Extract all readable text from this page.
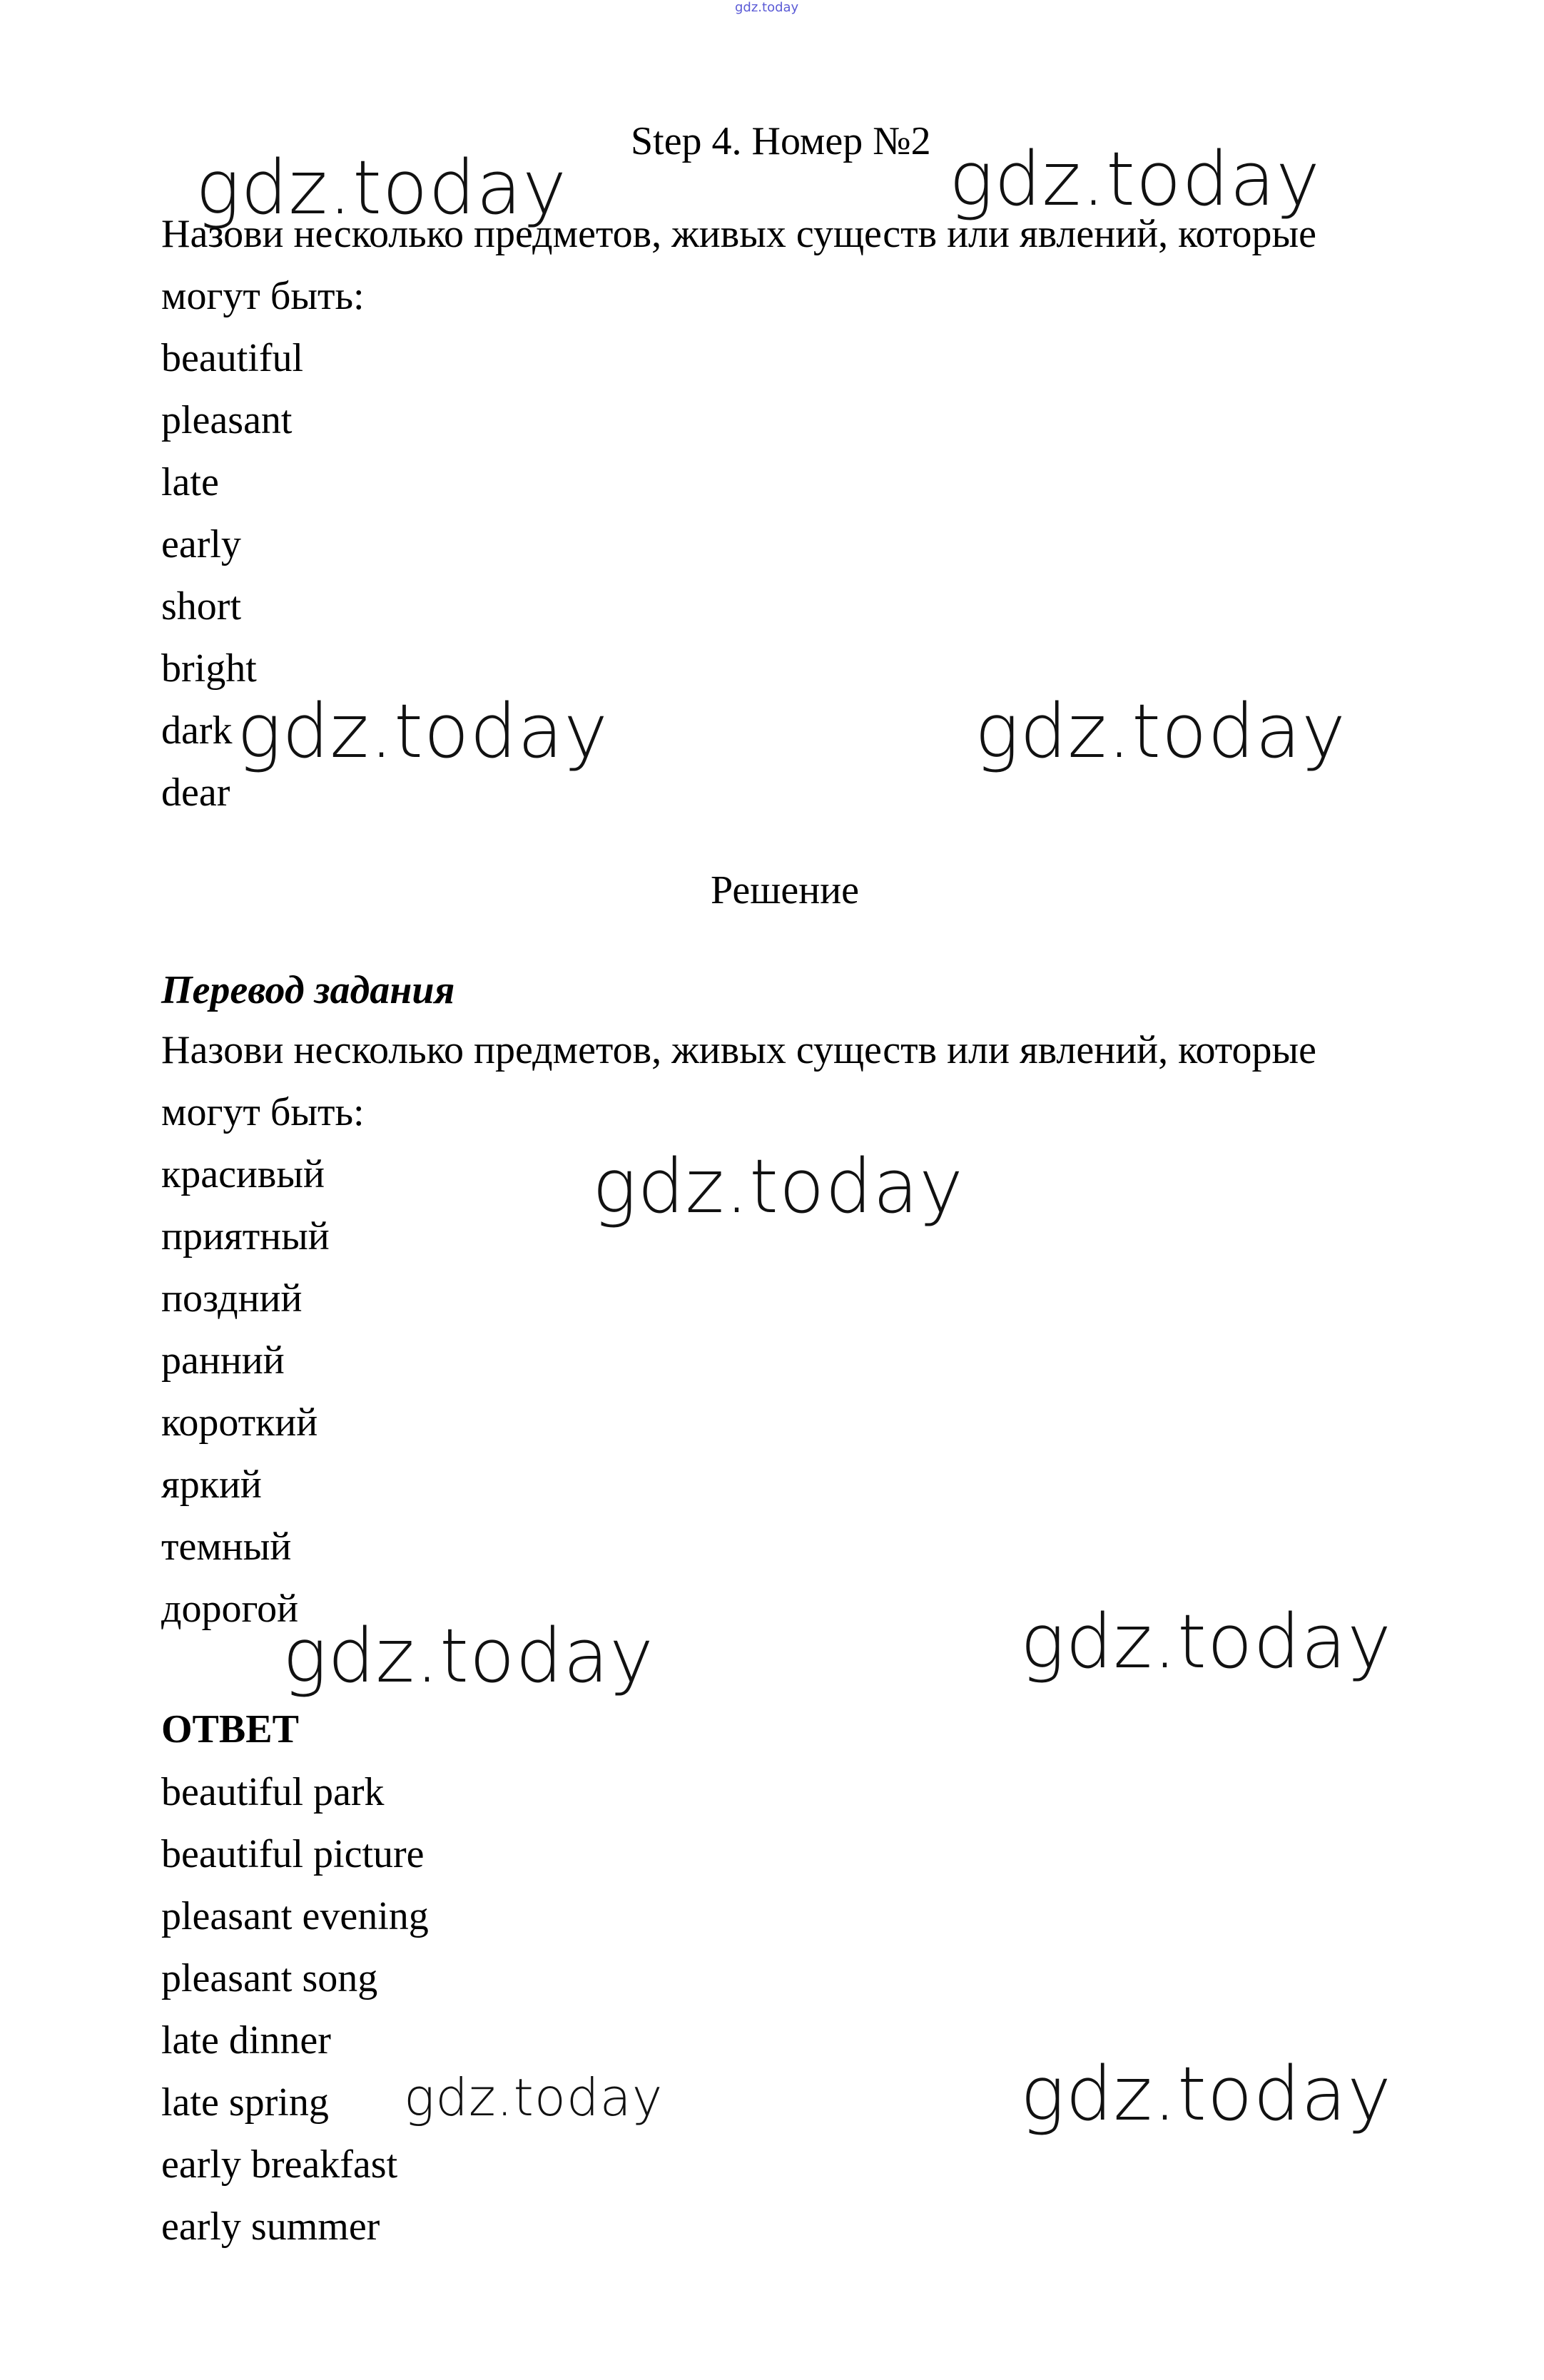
gdz.today
Step 4. Номер №2
Назови несколько предметов, живых существ или явлений, которые
могут быть:
beautiful
pleasant
late
early
short
bright
dark
dear
Решение
Перевод задания
Назови несколько предметов, живых существ или явлений, которые
могут быть:
красивый
приятный
поздний
ранний
короткий
яркий
темный
дорогой
ОТВЕТ
beautiful park
beautiful picture
pleasant evening
pleasant song
late dinner
late spring
early breakfast
early summer
gdz.today	gdz.today
gdz.today	gdz.today
gdz.today
gdz.today	gdz.today
gdz.today	gdz.today
